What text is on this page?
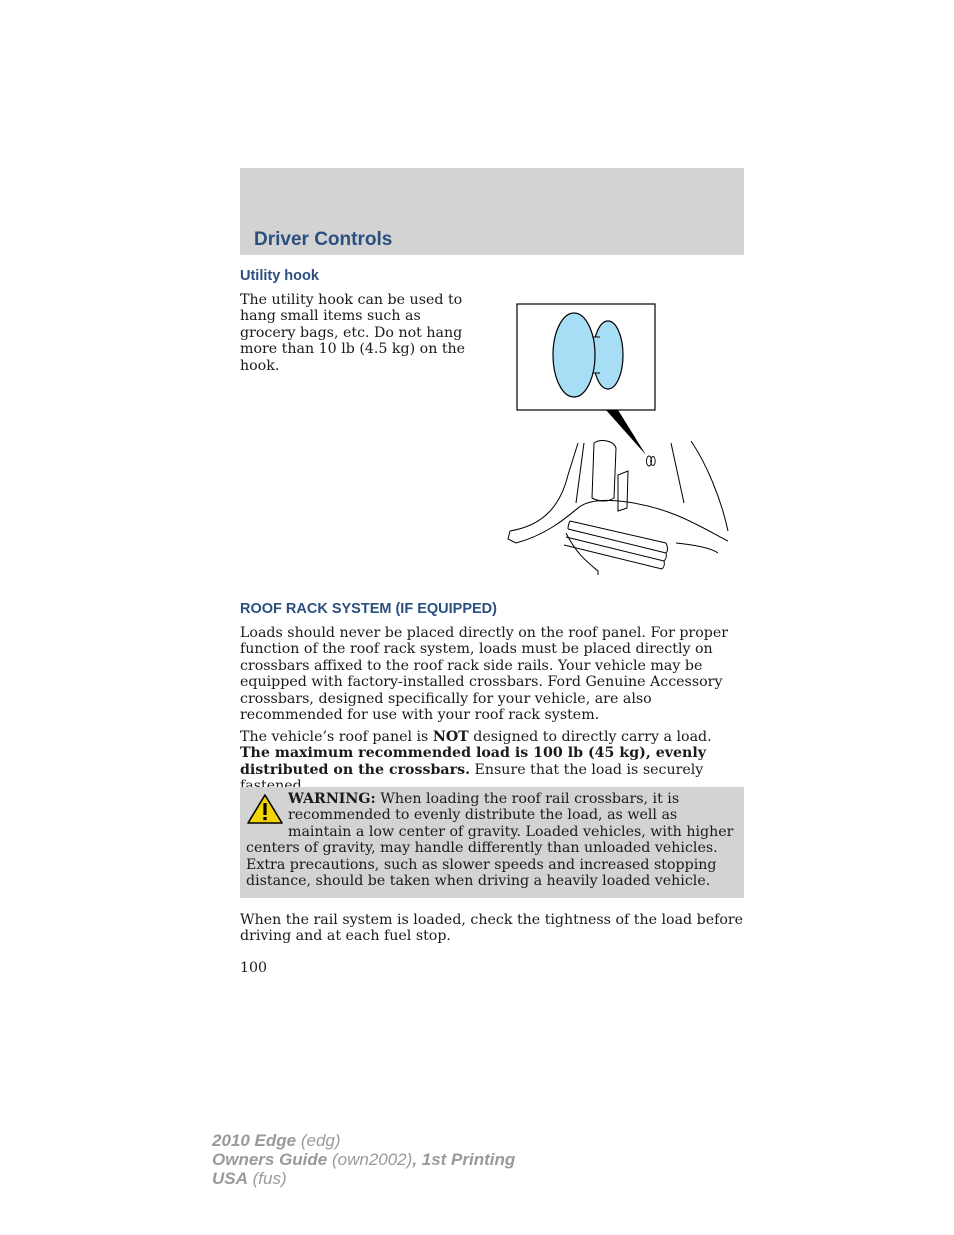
Driver Controls
Utility hook

The utility hook can be used to hang small items such as grocery bags, etc. Do not hang more than 10 lb (4.5 kg) on the hook.

ROOF RACK SYSTEM (IF EQUIPPED)

Loads should never be placed directly on the roof panel. For proper function of the roof rack system, loads must be placed directly on crossbars affixed to the roof rack side rails. Your vehicle may be equipped with factory-installed crossbars. Ford Genuine Accessory crossbars, designed specifically for your vehicle, are also recommended for use with your roof rack system.

The vehicle’s roof panel is NOT designed to directly carry a load. The maximum recommended load is 100 lb (45 kg), evenly distributed on the crossbars. Ensure that the load is securely

WARNING: When loading the roof rail crossbars, it is recommended to evenly distribute the load, as well as maintain a low center of gravity. Loaded vehicles, with higher centers of gravity, may handle differently than unloaded vehicles. Extra precautions, such as slower speeds and increased stopping distance, should be taken when driving a heavily loaded vehicle.

When the rail system is loaded, check the tightness of the load before driving and at each fuel stop.

100
2010 Edge (edg)
Owners Guide (own2002), 1st Printing
USA (fus)
